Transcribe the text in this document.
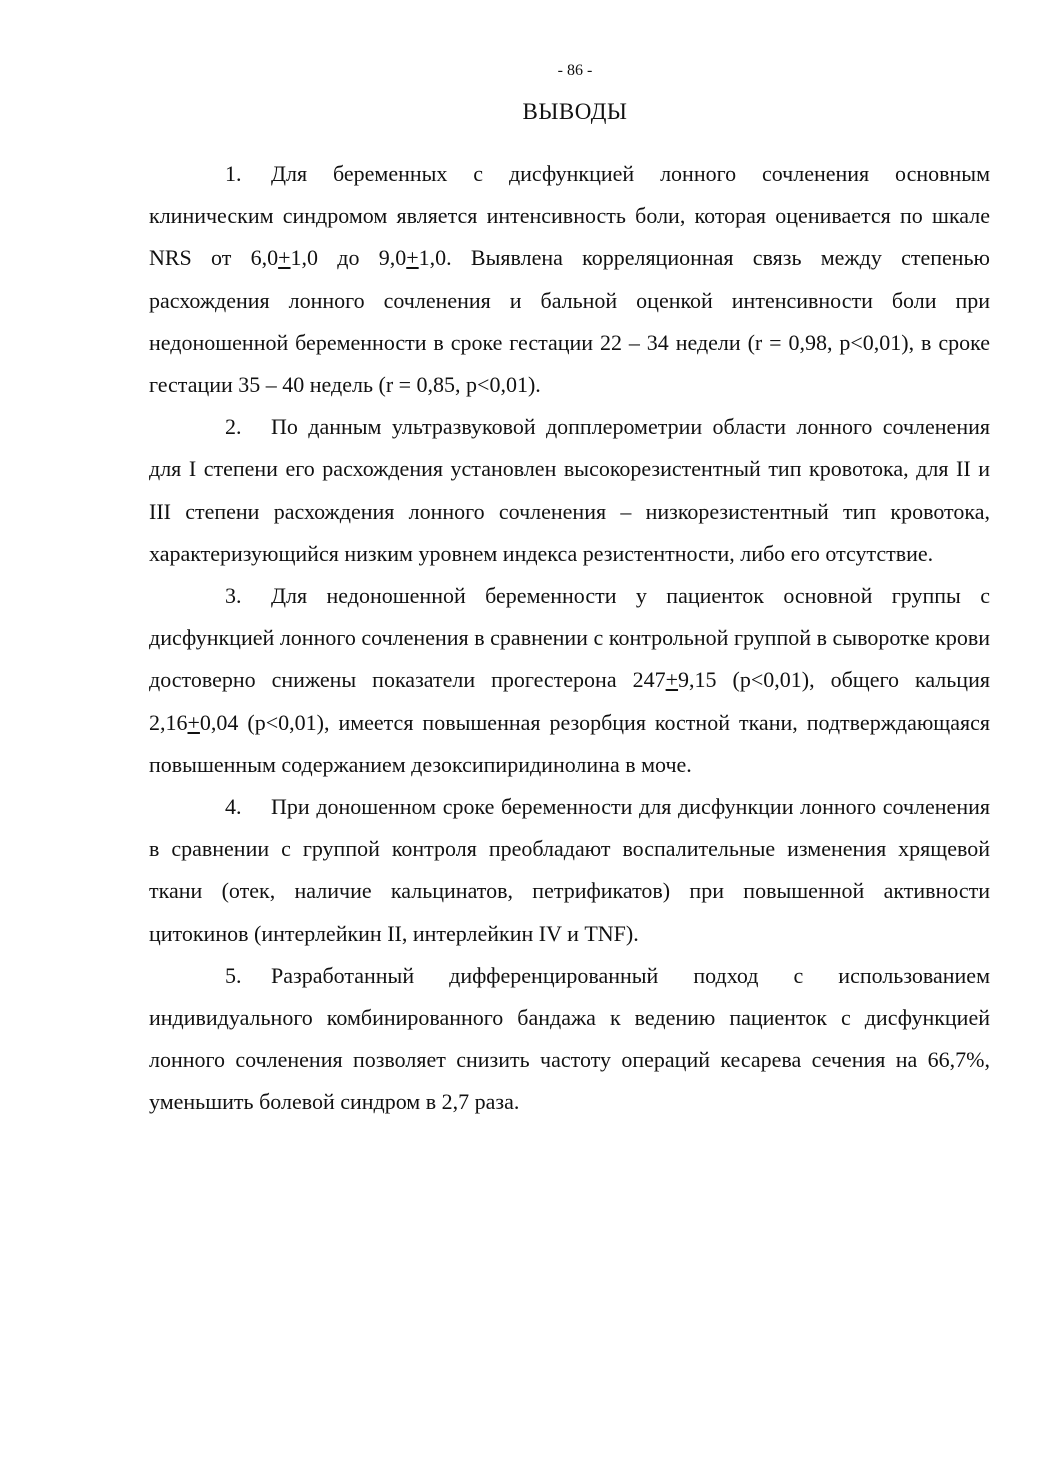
- 86 -
ВЫВОДЫ

1. Для беременных с дисфункцией лонного сочленения основным клиническим синдромом является интенсивность боли, которая оценивается по шкале NRS от 6,0+1,0 до 9,0+1,0. Выявлена корреляционная связь между степенью расхождения лонного сочленения и бальной оценкой интенсивности боли при недоношенной беременности в сроке гестации 22 – 34 недели (r = 0,98, p<0,01), в сроке гестации 35 – 40 недель (r = 0,85, p<0,01).

2. По данным ультразвуковой допплерометрии области лонного сочленения для I степени его расхождения установлен высокорезистентный тип кровотока, для II и III степени расхождения лонного сочленения – низкорезистентный тип кровотока, характеризующийся низким уровнем индекса резистентности, либо его отсутствие.

3. Для недоношенной беременности у пациенток основной группы с дисфункцией лонного сочленения в сравнении с контрольной группой в сыворотке крови достоверно снижены показатели прогестерона 247+9,15 (p<0,01), общего кальция 2,16+0,04 (p<0,01), имеется повышенная резорбция костной ткани, подтверждающаяся повышенным содержанием дезоксипиридинолина в моче.

4. При доношенном сроке беременности для дисфункции лонного сочленения в сравнении с группой контроля преобладают воспалительные изменения хрящевой ткани (отек, наличие кальцинатов, петрификатов) при повышенной активности цитокинов (интерлейкин II, интерлейкин IV и TNF).

5. Разработанный дифференцированный подход с использованием индивидуального комбинированного бандажа к ведению пациенток с дисфункцией лонного сочленения позволяет снизить частоту операций кесарева сечения на 66,7%, уменьшить болевой синдром в 2,7 раза.
